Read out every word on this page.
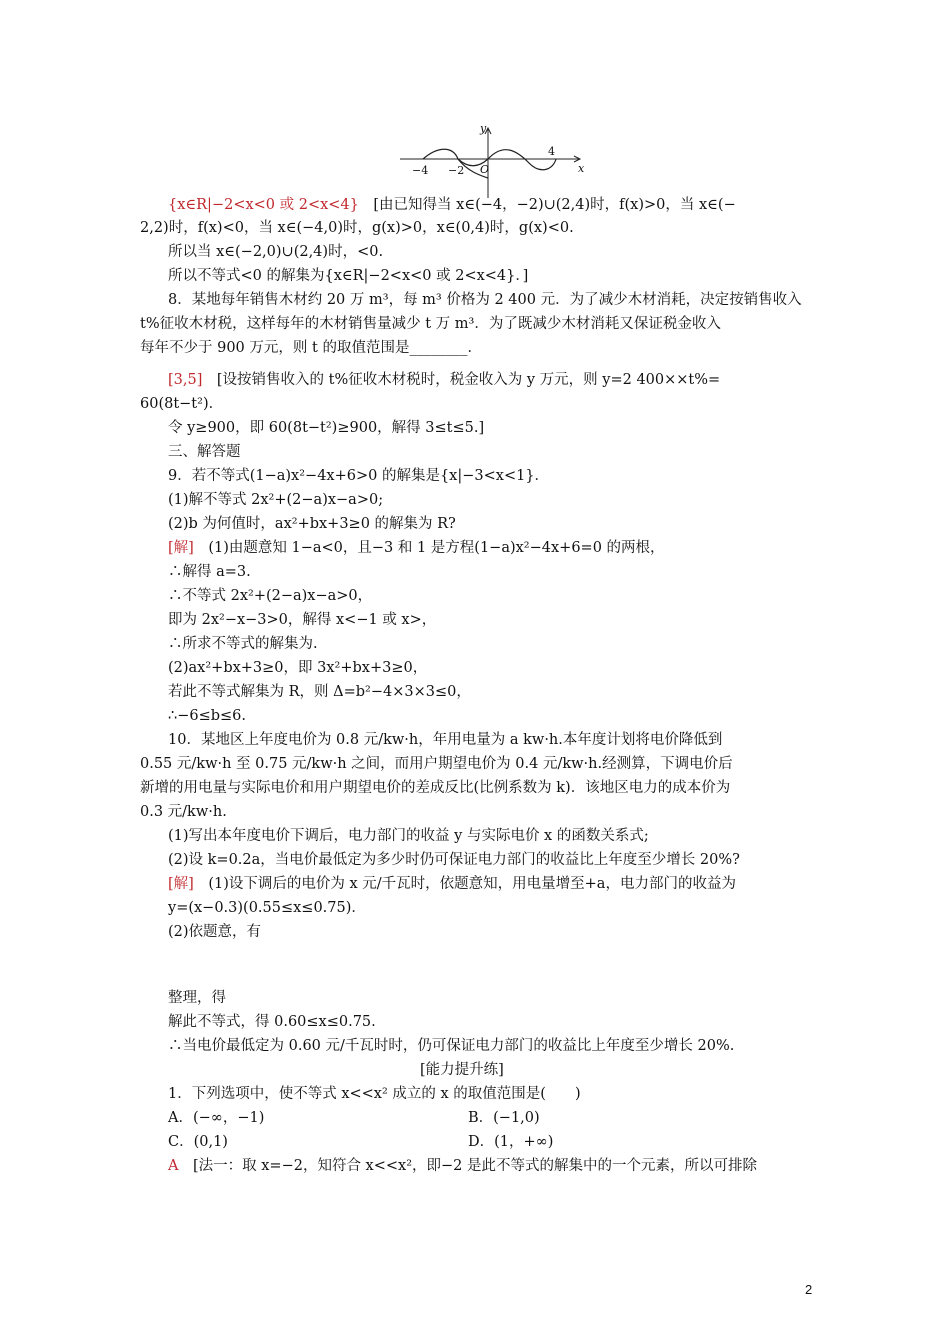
y
x
O
−4 −2
4
{x∈R|−2<x<0 或 2<x<4}　[由已知得当 x∈(−4，−2)∪(2,4)时，f(x)>0，当 x∈(−
2,2)时，f(x)<0，当 x∈(−4,0)时，g(x)>0，x∈(0,4)时，g(x)<0.
所以当 x∈(−2,0)∪(2,4)时，<0.
所以不等式<0 的解集为{x∈R|−2<x<0 或 2<x<4}．]
8．某地每年销售木材约 20 万 m³，每 m³ 价格为 2 400 元．为了减少木材消耗，决定按销售收入
t%征收木材税，这样每年的木材销售量减少 t 万 m³．为了既减少木材消耗又保证税金收入
每年不少于 900 万元，则 t 的取值范围是________．
[3,5]　[设按销售收入的 t%征收木材税时，税金收入为 y 万元，则 y=2 400××t%=
60(8t−t²)．
令 y≥900，即 60(8t−t²)≥900，解得 3≤t≤5.]
三、解答题
9．若不等式(1−a)x²−4x+6>0 的解集是{x|−3<x<1}．
(1)解不等式 2x²+(2−a)x−a>0;
(2)b 为何值时，ax²+bx+3≥0 的解集为 R?
[解]　(1)由题意知 1−a<0，且−3 和 1 是方程(1−a)x²−4x+6=0 的两根，
∴解得 a=3.
∴不等式 2x²+(2−a)x−a>0，
即为 2x²−x−3>0，解得 x<−1 或 x>，
∴所求不等式的解集为.
(2)ax²+bx+3≥0，即 3x²+bx+3≥0，
若此不等式解集为 R，则 Δ=b²−4×3×3≤0，
∴−6≤b≤6.
10．某地区上年度电价为 0.8 元/kw·h，年用电量为 a kw·h.本年度计划将电价降低到
0.55 元/kw·h 至 0.75 元/kw·h 之间，而用户期望电价为 0.4 元/kw·h.经测算，下调电价后
新增的用电量与实际电价和用户期望电价的差成反比(比例系数为 k)．该地区电力的成本价为
0.3 元/kw·h.
(1)写出本年度电价下调后，电力部门的收益 y 与实际电价 x 的函数关系式;
(2)设 k=0.2a，当电价最低定为多少时仍可保证电力部门的收益比上年度至少增长 20%?
[解]　(1)设下调后的电价为 x 元/千瓦时，依题意知，用电量增至+a，电力部门的收益为
y=(x−0.3)(0.55≤x≤0.75)．
(2)依题意，有
整理，得
解此不等式，得 0.60≤x≤0.75.
∴当电价最低定为 0.60 元/千瓦时时，仍可保证电力部门的收益比上年度至少增长 20%.
[能力提升练]
1．下列选项中，使不等式 x<<x² 成立的 x 的取值范围是(　　)
A．(−∞，−1)	B．(−1,0)
C．(0,1)	D．(1，+∞)
A　[法一：取 x=−2，知符合 x<<x²，即−2 是此不等式的解集中的一个元素，所以可排除
2
